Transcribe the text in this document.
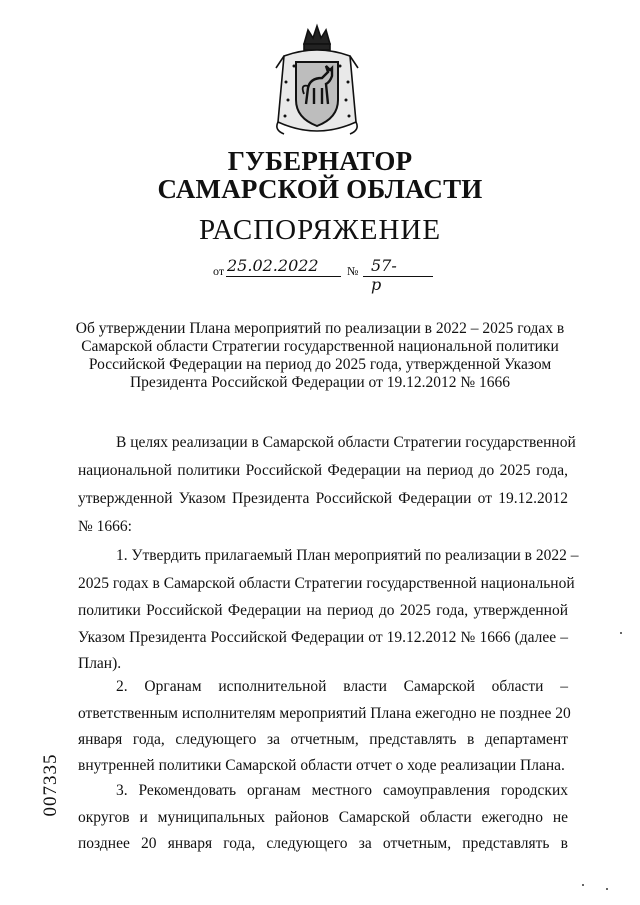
ГУБЕРНАТОР
САМАРСКОЙ ОБЛАСТИ
РАСПОРЯЖЕНИЕ
от 25.02.2022 № 57-р
Об утверждении Плана мероприятий по реализации в 2022 – 2025 годах в Самарской области Стратегии государственной национальной политики Российской Федерации на период до 2025 года, утвержденной Указом Президента Российской Федерации от 19.12.2012 № 1666
В целях реализации в Самарской области Стратегии государственной
национальной политики Российской Федерации на период до 2025 года,
утвержденной Указом Президента Российской Федерации от 19.12.2012
№ 1666:
1. Утвердить прилагаемый План мероприятий по реализации в 2022 –
2025 годах в Самарской области Стратегии государственной национальной
политики Российской Федерации на период до 2025 года, утвержденной
Указом Президента Российской Федерации от 19.12.2012 № 1666 (далее –
План).
2. Органам исполнительной власти Самарской области –
ответственным исполнителям мероприятий Плана ежегодно не позднее 20
января года, следующего за отчетным, представлять в департамент
внутренней политики Самарской области отчет о ходе реализации Плана.
3. Рекомендовать органам местного самоуправления городских
округов и муниципальных районов Самарской области ежегодно не
позднее 20 января года, следующего за отчетным, представлять в
007335
